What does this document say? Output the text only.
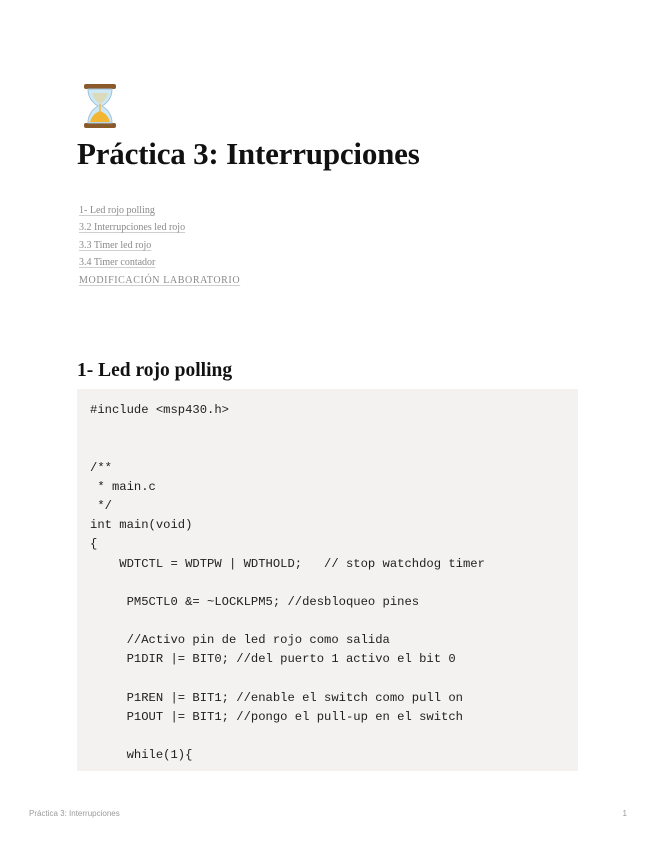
Práctica 3: Interrupciones
1- Led rojo polling
3.2 Interrupciones led rojo
3.3 Timer led rojo
3.4 Timer contador
MODIFICACIÓN LABORATORIO
1- Led rojo polling
#include <msp430.h>
/**
* main.c
*/
int main(void)
{
WDTCTL = WDTPW | WDTHOLD;   // stop watchdog timer
PM5CTL0 &= ~LOCKLPM5; //desbloqueo pines
//Activo pin de led rojo como salida
P1DIR |= BIT0; //del puerto 1 activo el bit 0
P1REN |= BIT1; //enable el switch como pull on
P1OUT |= BIT1; //pongo el pull-up en el switch
while(1){
Práctica 3: Interrupciones	1
